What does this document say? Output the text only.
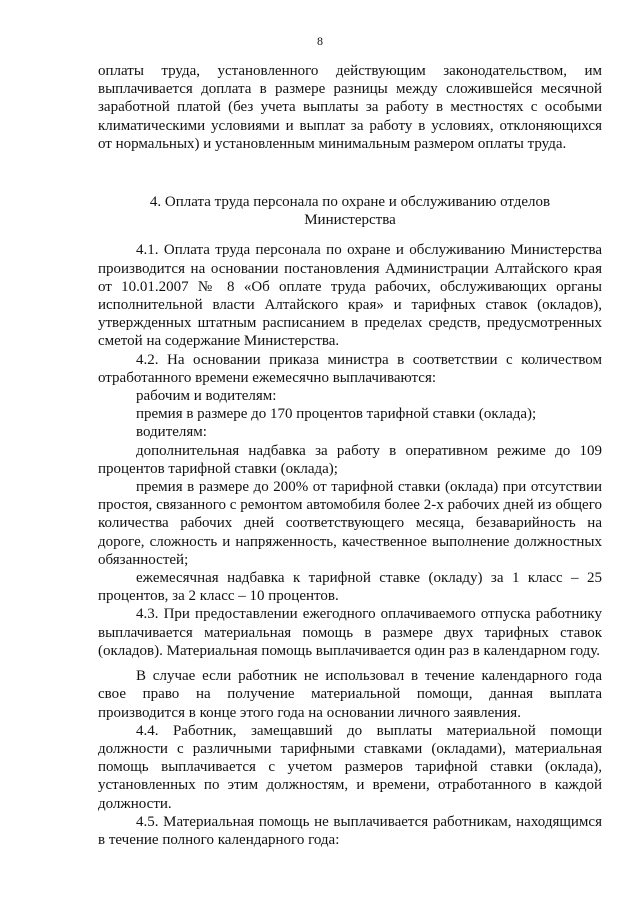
8

оплаты труда, установленного действующим законодательством, им выплачивается доплата в размере разницы между сложившейся месячной заработной платой (без учета выплаты за работу в местностях с особыми климатическими условиями и выплат за работу в условиях, отклоняющихся от нормальных) и установленным минимальным размером оплаты труда.

4. Оплата труда персонала по охране и обслуживанию отделов
Министерства

4.1. Оплата труда персонала по охране и обслуживанию Министерства производится на основании постановления Администрации Алтайского края от 10.01.2007 № 8 «Об оплате труда рабочих, обслуживающих органы исполнительной власти Алтайского края» и тарифных ставок (окладов), утвержденных штатным расписанием в пределах средств, предусмотренных сметой на содержание Министерства.

4.2. На основании приказа министра в соответствии с количеством отработанного времени ежемесячно выплачиваются:

рабочим и водителям:

премия в размере до 170 процентов тарифной ставки (оклада);

водителям:

дополнительная надбавка за работу в оперативном режиме до 109 процентов тарифной ставки (оклада);

премия в размере до 200% от тарифной ставки (оклада) при отсутствии простоя, связанного с ремонтом автомобиля более 2-х рабочих дней из общего количества рабочих дней соответствующего месяца, безаварийность на дороге, сложность и напряженность, качественное выполнение должностных обязанностей;

ежемесячная надбавка к тарифной ставке (окладу) за 1 класс – 25 процентов, за 2 класс – 10 процентов.

4.3. При предоставлении ежегодного оплачиваемого отпуска работнику выплачивается материальная помощь в размере двух тарифных ставок (окладов). Материальная помощь выплачивается один раз в календарном году.

В случае если работник не использовал в течение календарного года свое право на получение материальной помощи, данная выплата производится в конце этого года на основании личного заявления.

4.4. Работник, замещавший до выплаты материальной помощи должности с различными тарифными ставками (окладами), материальная помощь выплачивается с учетом размеров тарифной ставки (оклада), установленных по этим должностям, и времени, отработанного в каждой должности.

4.5. Материальная помощь не выплачивается работникам, находящимся в течение полного календарного года:
